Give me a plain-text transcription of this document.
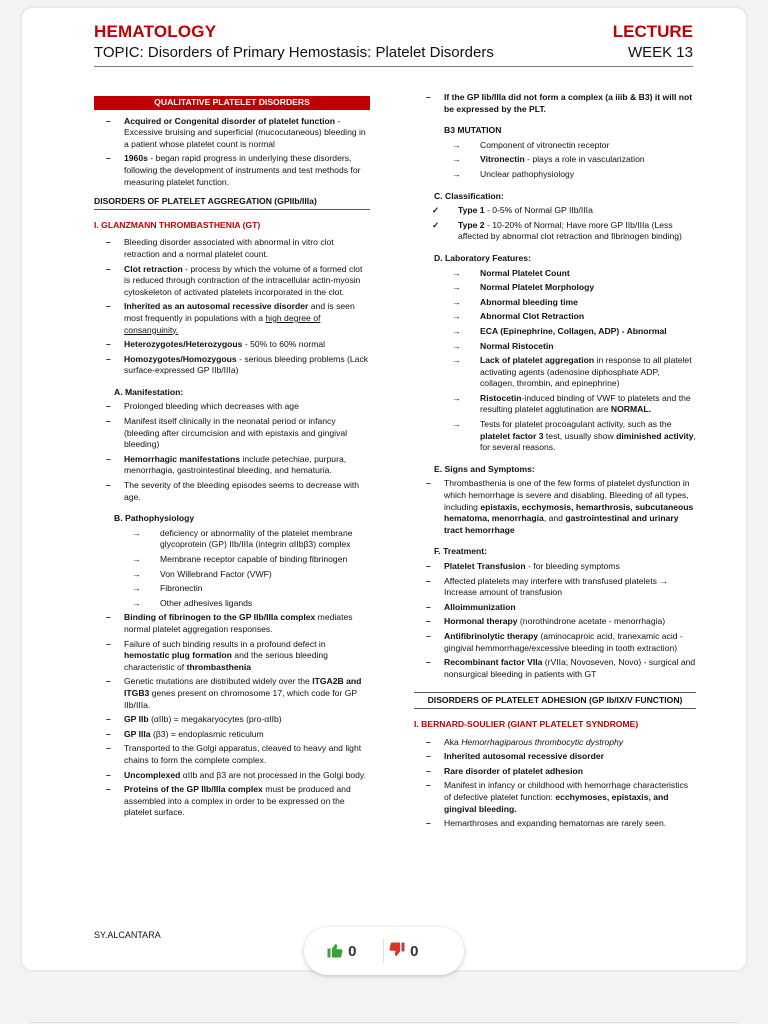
HEMATOLOGY	LECTURE
TOPIC: Disorders of Primary Hemostasis: Platelet Disorders	WEEK 13
QUALITATIVE PLATELET DISORDERS
– Acquired or Congenital disorder of platelet function - Excessive bruising and superficial (mucocutaneous) bleeding in a patient whose platelet count is normal
– 1960s - began rapid progress in underlying these disorders, following the development of instruments and test methods for measuring platelet function.
DISORDERS OF PLATELET AGGREGATION (GPIIb/IIIa)
I. GLANZMANN THROMBASTHENIA (GT)
– Bleeding disorder associated with abnormal in vitro clot retraction and a normal platelet count.
– Clot retraction - process by which the volume of a formed clot is reduced through contraction of the intracellular actin-myosin cytoskeleton of activated platelets incorporated in the clot.
– Inherited as an autosomal recessive disorder and is seen most frequently in populations with a high degree of consanguinity.
– Heterozygotes/Heterozygous - 50% to 60% normal
– Homozygotes/Homozygous - serious bleeding problems (Lack surface-expressed GP IIb/IIIa)
A. Manifestation:
– Prolonged bleeding which decreases with age
– Manifest itself clinically in the neonatal period or infancy (bleeding after circumcision and with epistaxis and gingival bleeding)
– Hemorrhagic manifestations include petechiae, purpura, menorrhagia, gastrointestinal bleeding, and hematuria.
– The severity of the bleeding episodes seems to decrease with age.
B. Pathophysiology
→ deficiency or abnormality of the platelet membrane glycoprotein (GP) IIb/IIIa (integrin αIIbβ3) complex
→ Membrane receptor capable of binding fibrinogen
→ Von Willebrand Factor (VWF)
→ Fibronectin
→ Other adhesives ligands
– Binding of fibrinogen to the GP IIb/IIIa complex mediates normal platelet aggregation responses.
– Failure of such binding results in a profound defect in hemostatic plug formation and the serious bleeding characteristic of thrombasthenia
– Genetic mutations are distributed widely over the ITGA2B and ITGB3 genes present on chromosome 17, which code for GP IIb/IIIa.
– GP IIb (αIIb) = megakaryocytes (pro-αIIb)
– GP IIIa (β3) = endoplasmic reticulum
– Transported to the Golgi apparatus, cleaved to heavy and light chains to form the complete complex.
– Uncomplexed αIIb and β3 are not processed in the Golgi body.
– Proteins of the GP IIb/IIIa complex must be produced and assembled into a complex in order to be expressed on the platelet surface.
– If the GP Iib/IIIa did not form a complex (a iiib & B3) it will not be expressed by the PLT.
B3 MUTATION
→ Component of vitronectin receptor
→ Vitronectin - plays a role in vascularization
→ Unclear pathophysiology
C. Classification:
✓ Type 1 - 0-5% of Normal GP IIb/IIIa
✓ Type 2 - 10-20% of Normal; Have more GP IIb/IIIa (Less affected by abnormal clot retraction and fibrinogen binding)
D. Laboratory Features:
→ Normal Platelet Count
→ Normal Platelet Morphology
→ Abnormal bleeding time
→ Abnormal Clot Retraction
→ ECA (Epinephrine, Collagen, ADP) - Abnormal
→ Normal Ristocetin
→ Lack of platelet aggregation in response to all platelet activating agents (adenosine diphosphate ADP, collagen, thrombin, and epinephrine)
→ Ristocetin-induced binding of VWF to platelets and the resulting platelet agglutination are NORMAL.
→ Tests for platelet procoagulant activity, such as the platelet factor 3 test, usually show diminished activity, for several reasons.
E. Signs and Symptoms:
– Thrombasthenia is one of the few forms of platelet dysfunction in which hemorrhage is severe and disabling. Bleeding of all types, including epistaxis, ecchymosis, hemarthrosis, subcutaneous hematoma, menorrhagia, and gastrointestinal and urinary tract hemorrhage
F. Treatment:
– Platelet Transfusion - for bleeding symptoms
– Affected platelets may interfere with transfused platelets → Increase amount of transfusion
– Alloimmunization
– Hormonal therapy (norothindrone acetate - menorrhagia)
– Antifibrinolytic therapy (aminocaproic acid, tranexamic acid - gingival hemmorrhage/excessive bleeding in tooth extraction)
– Recombinant factor VIIa (rVIIa; Novoseven, Novo) - surgical and nonsurgical bleeding in patients with GT
DISORDERS OF PLATELET ADHESION (GP Ib/IX/V FUNCTION)
I. BERNARD-SOULIER (GIANT PLATELET SYNDROME)
– Aka Hemorrhagiparous thrombocytic dystrophy
– Inherited autosomal recessive disorder
– Rare disorder of platelet adhesion
– Manifest in infancy or childhood with hemorrhage characteristics of defective platelet function: ecchymoses, epistaxis, and gingival bleeding.
– Hemarthroses and expanding hematomas are rarely seen.
SY.ALCANTARA
0	0
